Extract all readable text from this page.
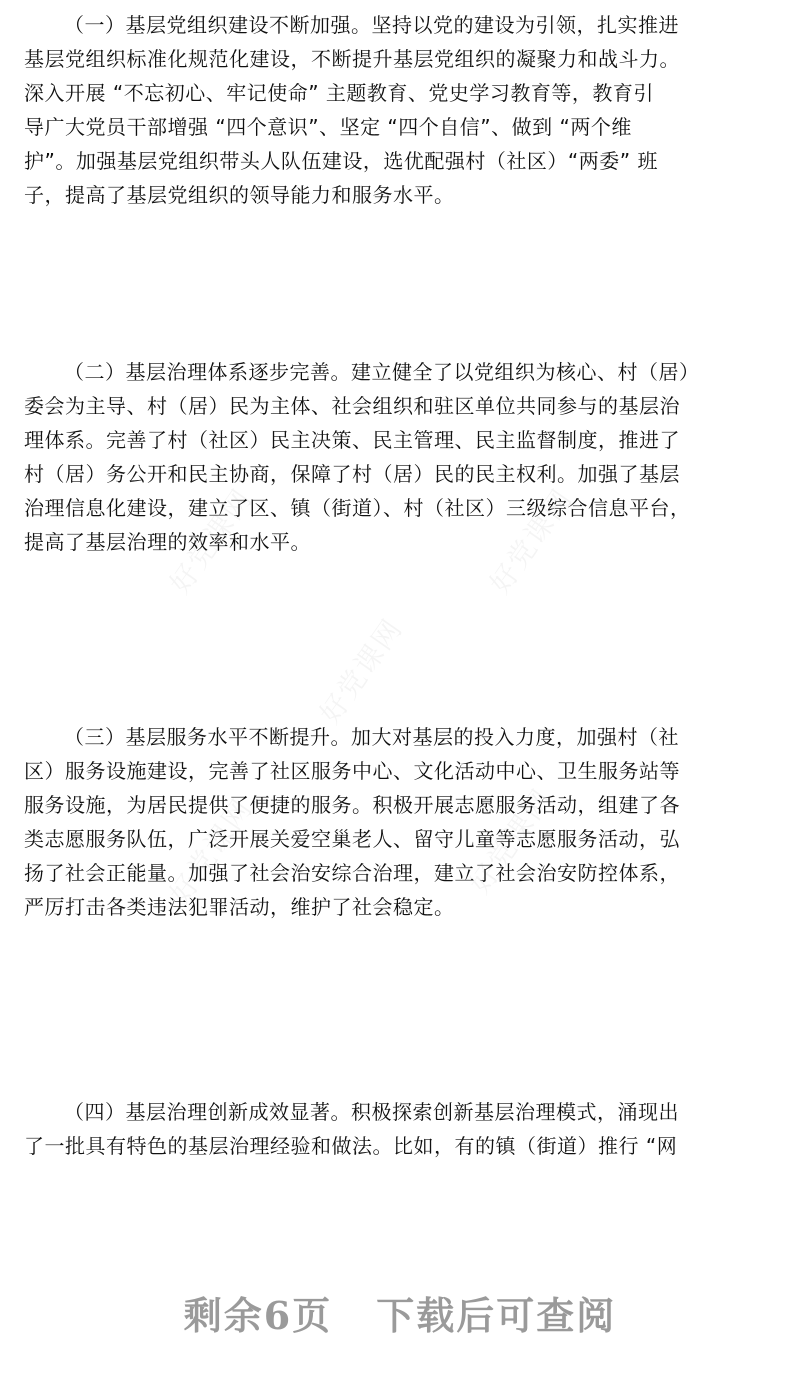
（一）基层党组织建设不断加强。坚持以党的建设为引领，扎实推进
基层党组织标准化规范化建设，不断提升基层党组织的凝聚力和战斗力。
深入开展 “不忘初心、牢记使命” 主题教育、党史学习教育等，教育引
导广大党员干部增强 “四个意识”、坚定 “四个自信”、做到 “两个维
护”。加强基层党组织带头人队伍建设，选优配强村（社区）“两委” 班
子，提高了基层党组织的领导能力和服务水平。
（二）基层治理体系逐步完善。建立健全了以党组织为核心、村（居）
委会为主导、村（居）民为主体、社会组织和驻区单位共同参与的基层治
理体系。完善了村（社区）民主决策、民主管理、民主监督制度，推进了
村（居）务公开和民主协商，保障了村（居）民的民主权利。加强了基层
治理信息化建设，建立了区、镇（街道）、村（社区）三级综合信息平台，
提高了基层治理的效率和水平。
（三）基层服务水平不断提升。加大对基层的投入力度，加强村（社
区）服务设施建设，完善了社区服务中心、文化活动中心、卫生服务站等
服务设施，为居民提供了便捷的服务。积极开展志愿服务活动，组建了各
类志愿服务队伍，广泛开展关爱空巢老人、留守儿童等志愿服务活动，弘
扬了社会正能量。加强了社会治安综合治理，建立了社会治安防控体系，
严厉打击各类违法犯罪活动，维护了社会稳定。
（四）基层治理创新成效显著。积极探索创新基层治理模式，涌现出
了一批具有特色的基层治理经验和做法。比如，有的镇（街道）推行 “网
剩余6页 下载后可查阅
